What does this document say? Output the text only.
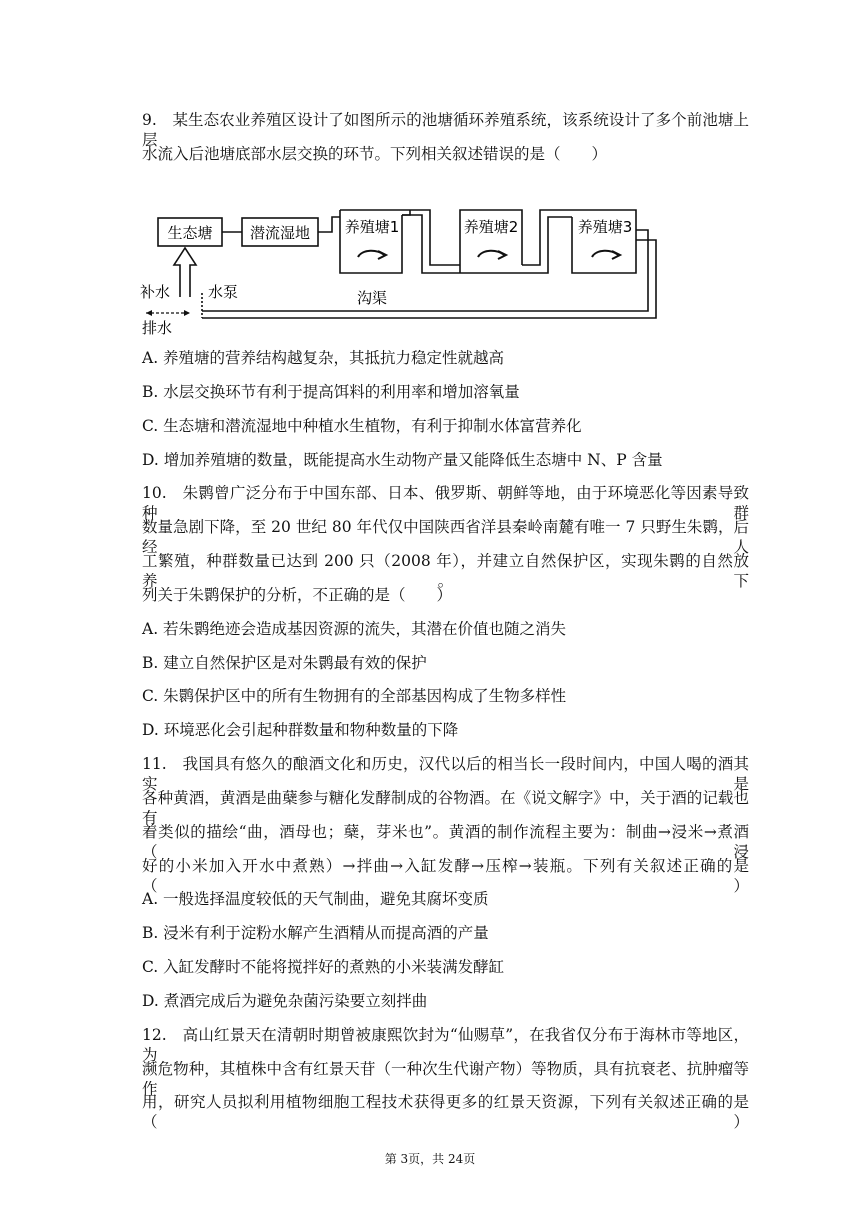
9.　某生态农业养殖区设计了如图所示的池塘循环养殖系统，该系统设计了多个前池塘上层
水流入后池塘底部水层交换的环节。下列相关叙述错误的是（　　）
生态塘 潜流湿地 养殖塘1	养殖塘2	养殖塘3
沟渠
水泵
补水
排水
A. 养殖塘的营养结构越复杂，其抵抗力稳定性就越高
B. 水层交换环节有利于提高饵料的利用率和增加溶氧量
C. 生态塘和潜流湿地中种植水生植物，有利于抑制水体富营养化
D. 增加养殖塘的数量，既能提高水生动物产量又能降低生态塘中 N、P 含量
10.　朱鹮曾广泛分布于中国东部、日本、俄罗斯、朝鲜等地，由于环境恶化等因素导致种群
数量急剧下降，至 20 世纪 80 年代仅中国陕西省洋县秦岭南麓有唯一 7 只野生朱鹮，后经人
工繁殖，种群数量已达到 200 只（2008 年），并建立自然保护区，实现朱鹮的自然放养。下
列关于朱鹮保护的分析，不正确的是（　　）
A. 若朱鹮绝迹会造成基因资源的流失，其潜在价值也随之消失
B. 建立自然保护区是对朱鹮最有效的保护
C. 朱鹮保护区中的所有生物拥有的全部基因构成了生物多样性
D. 环境恶化会引起种群数量和物种数量的下降
11.　我国具有悠久的酿酒文化和历史，汉代以后的相当长一段时间内，中国人喝的酒其实是
各种黄酒，黄酒是曲蘖参与糖化发酵制成的谷物酒。在《说文解字》中，关于酒的记载也有
着类似的描绘“曲，酒母也；蘖，芽米也”。黄酒的制作流程主要为：制曲→浸米→煮酒（浸
好的小米加入开水中煮熟）→拌曲→入缸发酵→压榨→装瓶。下列有关叙述正确的是（　　）
A. 一般选择温度较低的天气制曲，避免其腐坏变质
B. 浸米有利于淀粉水解产生酒精从而提高酒的产量
C. 入缸发酵时不能将搅拌好的煮熟的小米装满发酵缸
D. 煮酒完成后为避免杂菌污染要立刻拌曲
12.　高山红景天在清朝时期曾被康熙饮封为“仙赐草”，在我省仅分布于海林市等地区，为
濒危物种，其植株中含有红景天苷（一种次生代谢产物）等物质，具有抗衰老、抗肿瘤等作
用，研究人员拟利用植物细胞工程技术获得更多的红景天资源，下列有关叙述正确的是（　　）
第 3页，共 24页
